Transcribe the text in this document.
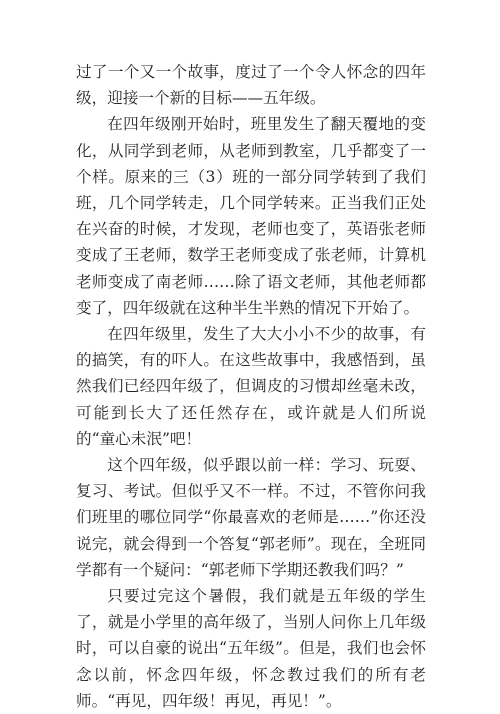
过了一个又一个故事，度过了一个令人怀念的四年级，迎接一个新的目标——五年级。

在四年级刚开始时，班里发生了翻天覆地的变化，从同学到老师，从老师到教室，几乎都变了一个样。原来的三（3）班的一部分同学转到了我们班，几个同学转走，几个同学转来。正当我们正处在兴奋的时候，才发现，老师也变了，英语张老师变成了王老师，数学王老师变成了张老师，计算机老师变成了南老师……除了语文老师，其他老师都变了，四年级就在这种半生半熟的情况下开始了。

在四年级里，发生了大大小小不少的故事，有的搞笑，有的吓人。在这些故事中，我感悟到，虽然我们已经四年级了，但调皮的习惯却丝毫未改，可能到长大了还任然存在，或许就是人们所说的“童心未泯”吧！

这个四年级，似乎跟以前一样：学习、玩耍、复习、考试。但似乎又不一样。不过，不管你问我们班里的哪位同学“你最喜欢的老师是……”你还没说完，就会得到一个答复“郭老师”。现在，全班同学都有一个疑问：“郭老师下学期还教我们吗？”

只要过完这个暑假，我们就是五年级的学生了，就是小学里的高年级了，当别人问你上几年级时，可以自豪的说出“五年级”。但是，我们也会怀念以前，怀念四年级，怀念教过我们的所有老师。“再见，四年级！再见，再见！”。
